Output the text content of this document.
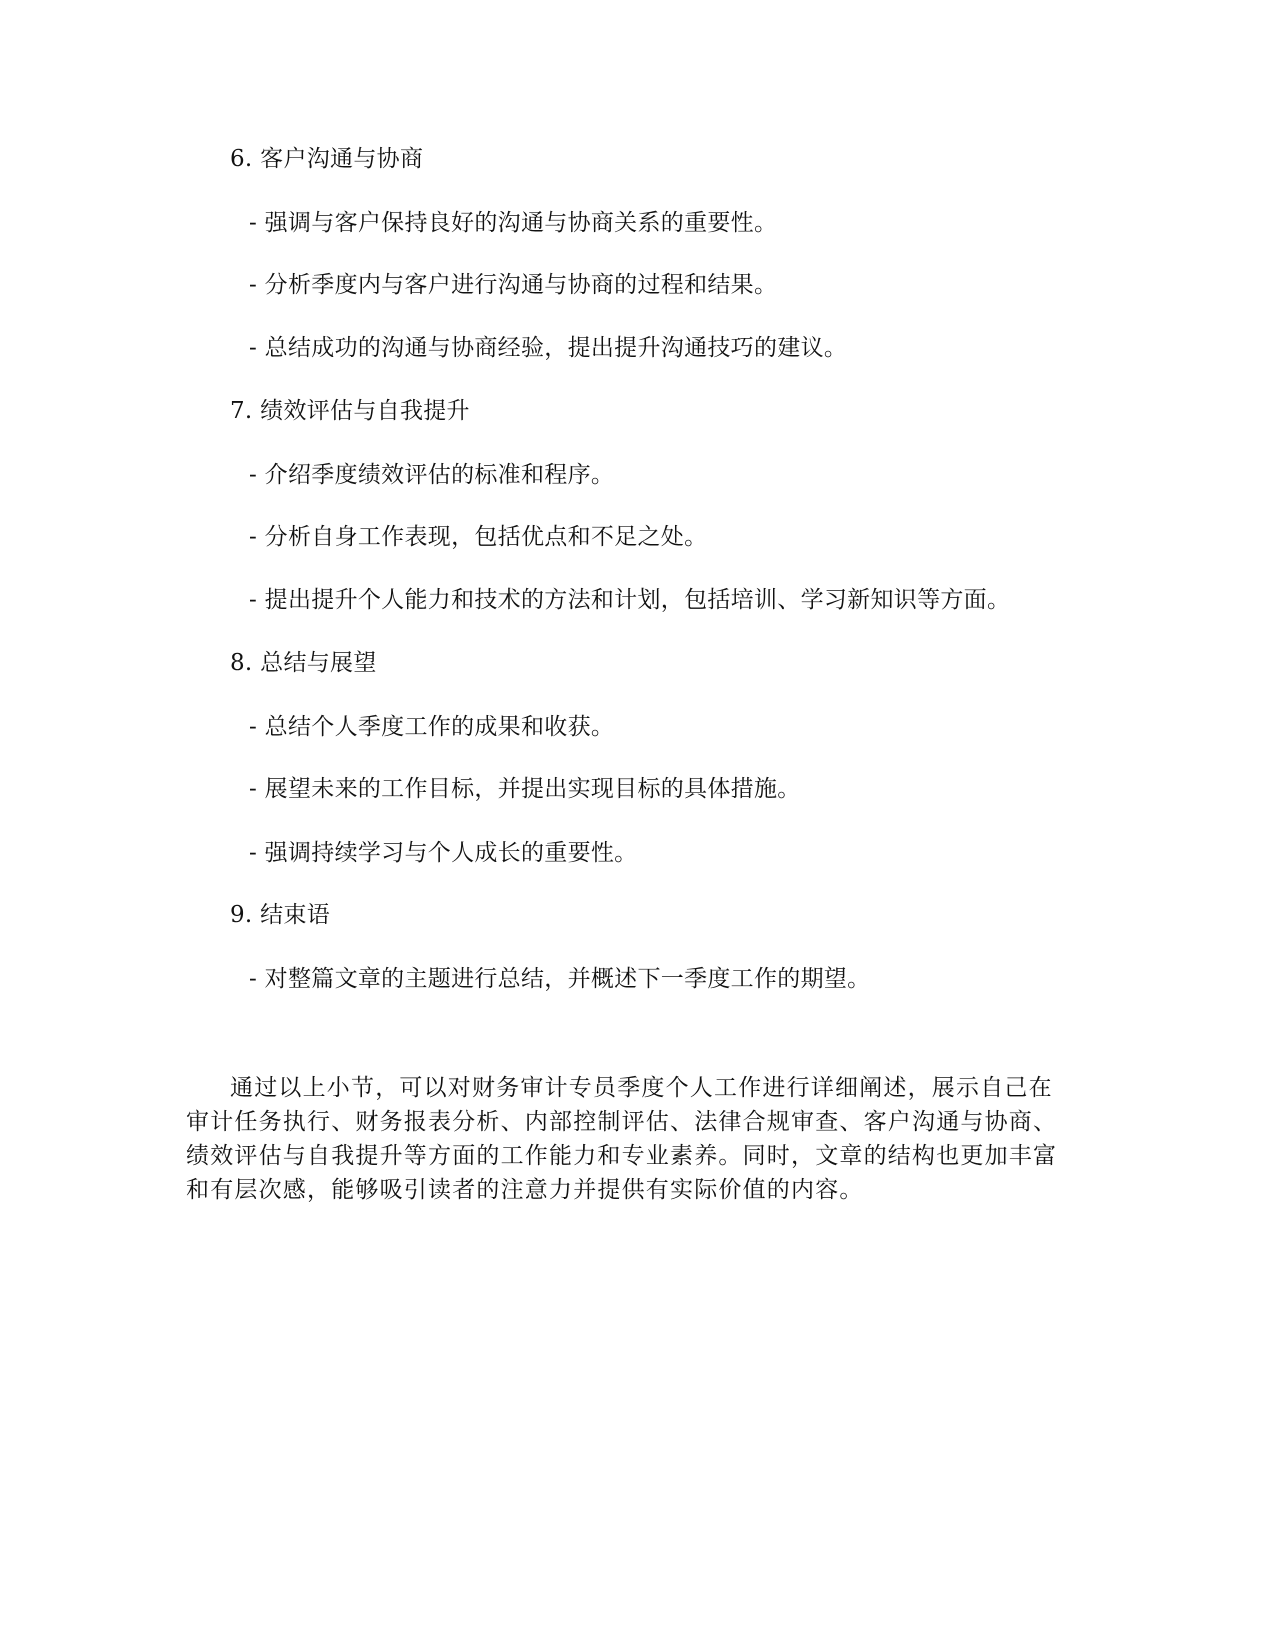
6. 客户沟通与协商
- 强调与客户保持良好的沟通与协商关系的重要性。
- 分析季度内与客户进行沟通与协商的过程和结果。
- 总结成功的沟通与协商经验，提出提升沟通技巧的建议。
7. 绩效评估与自我提升
- 介绍季度绩效评估的标准和程序。
- 分析自身工作表现，包括优点和不足之处。
- 提出提升个人能力和技术的方法和计划，包括培训、学习新知识等方面。
8. 总结与展望
- 总结个人季度工作的成果和收获。
- 展望未来的工作目标，并提出实现目标的具体措施。
- 强调持续学习与个人成长的重要性。
9. 结束语
- 对整篇文章的主题进行总结，并概述下一季度工作的期望。
通过以上小节，可以对财务审计专员季度个人工作进行详细阐述，展示自己在
审计任务执行、财务报表分析、内部控制评估、法律合规审查、客户沟通与协商、
绩效评估与自我提升等方面的工作能力和专业素养。同时，文章的结构也更加丰富
和有层次感，能够吸引读者的注意力并提供有实际价值的内容。
